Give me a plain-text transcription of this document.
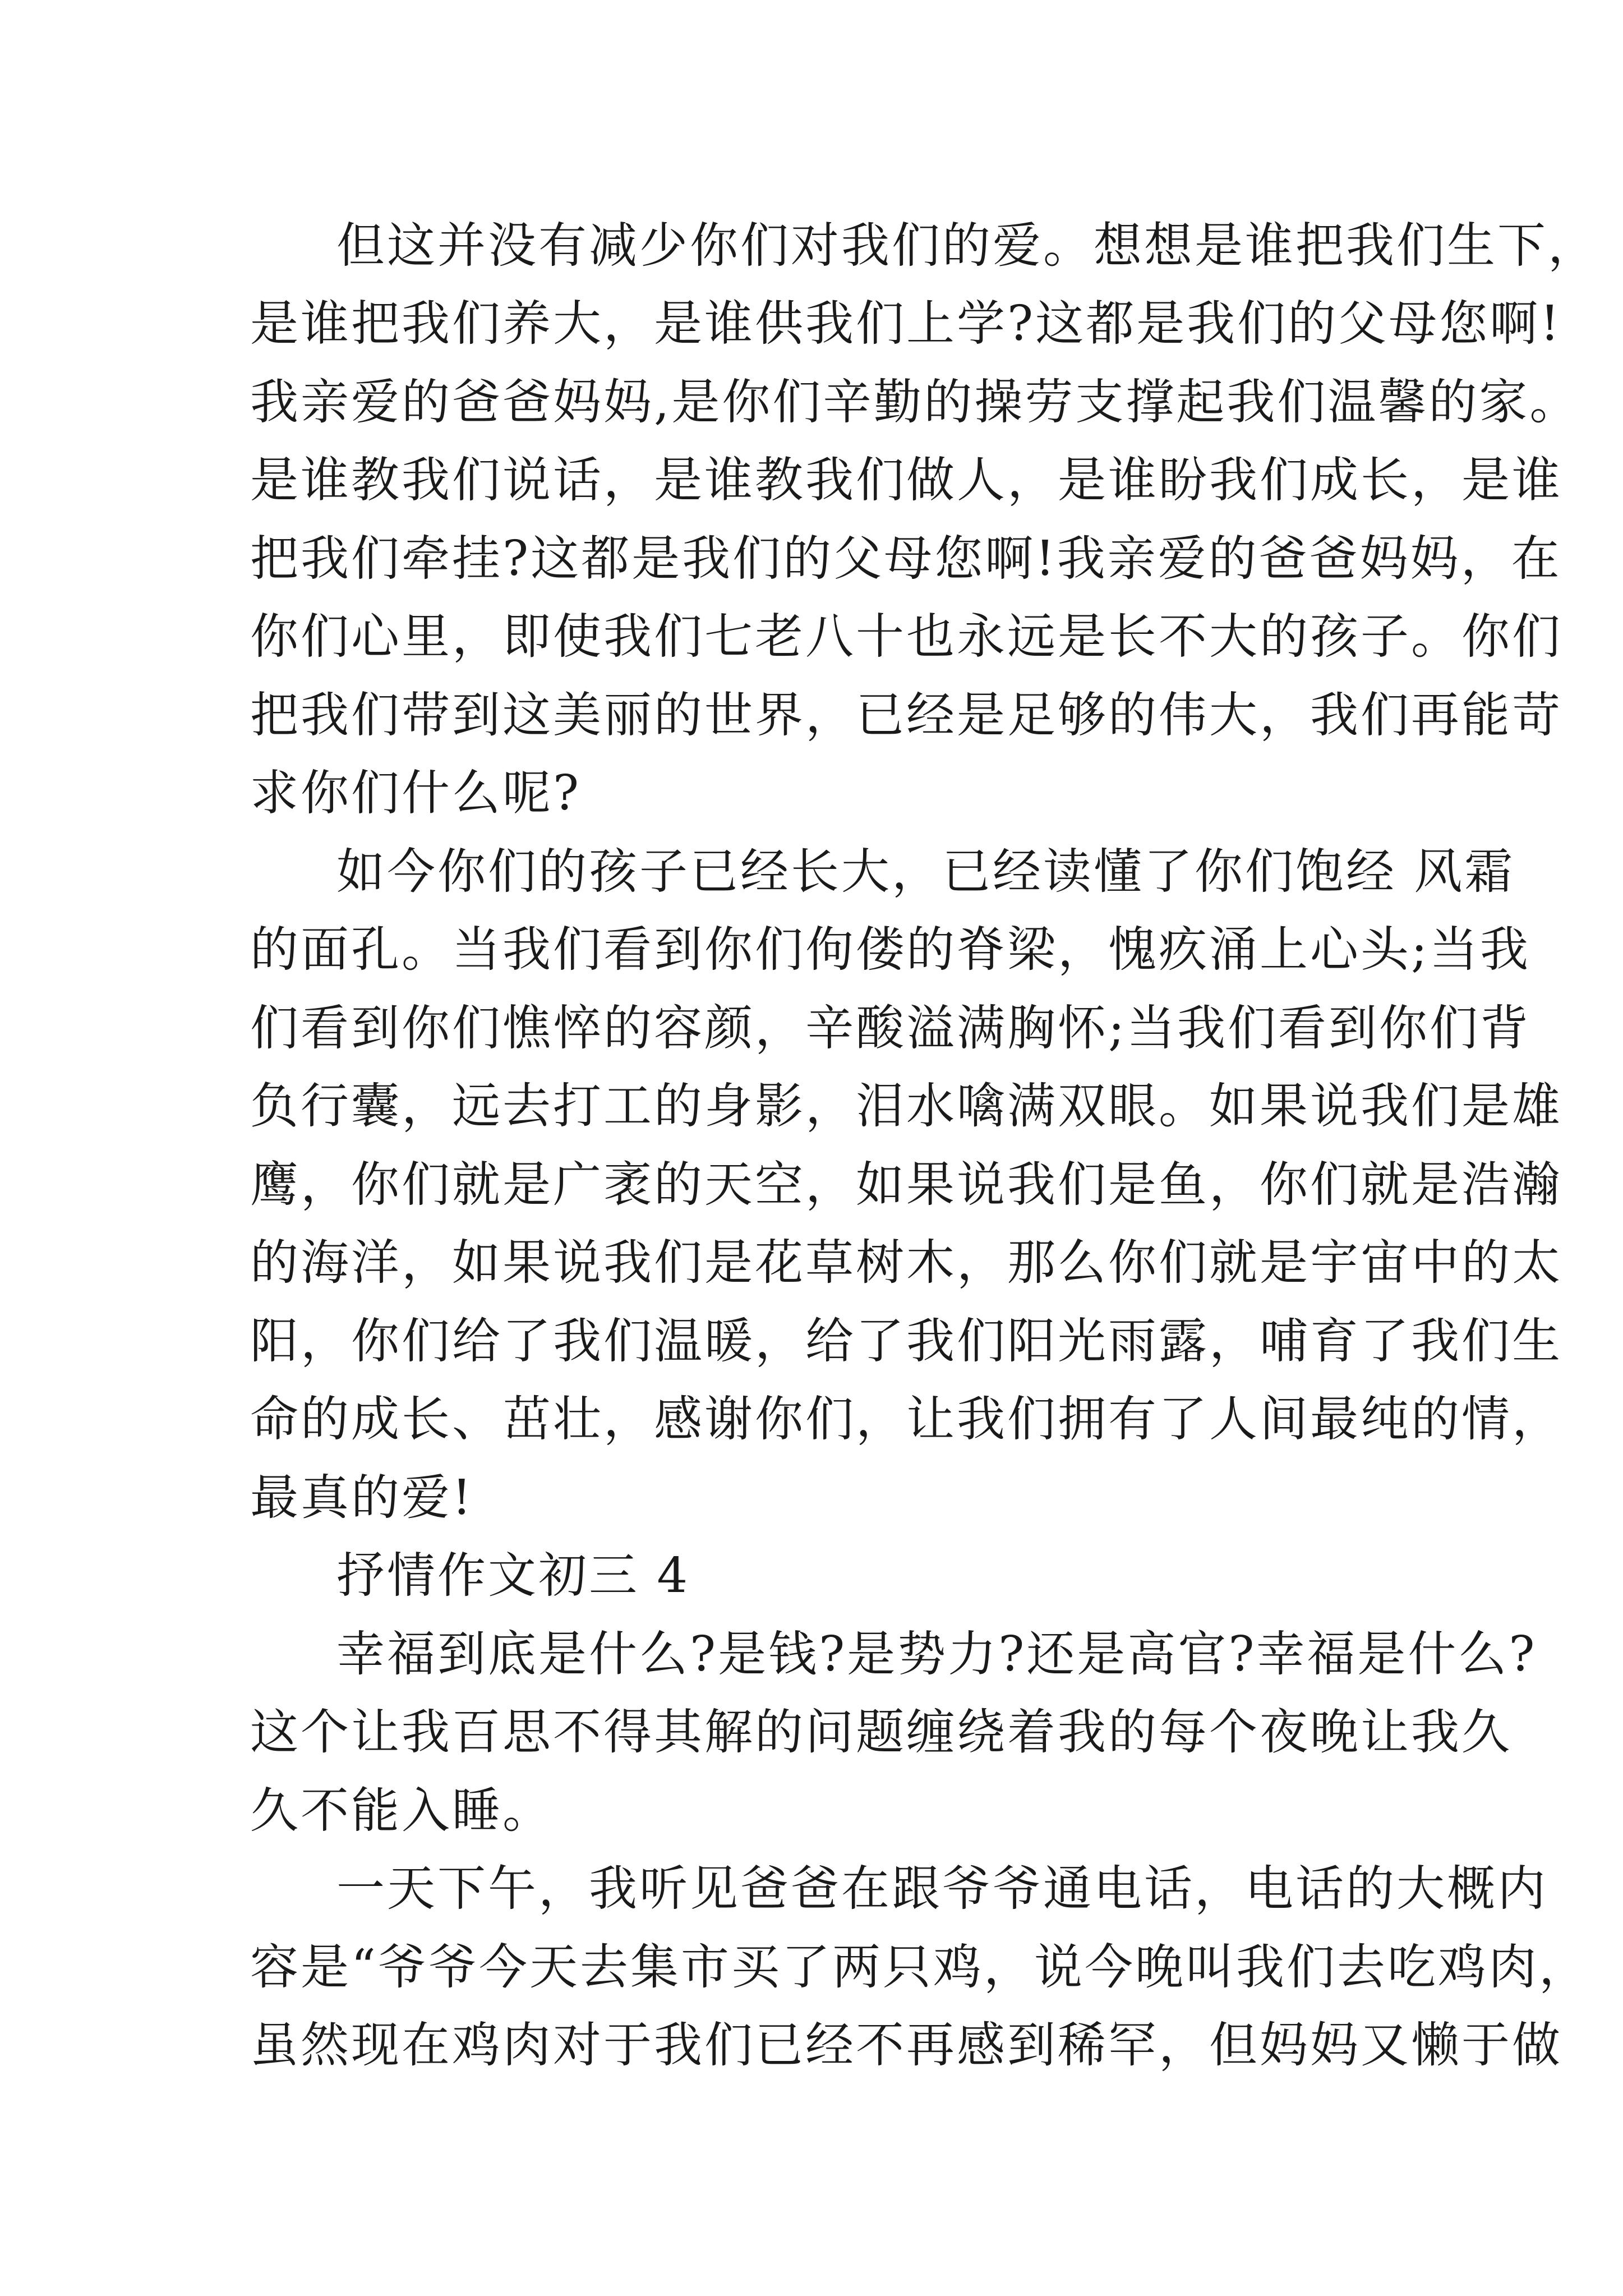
但这并没有减少你们对我们的爱。想想是谁把我们生下，
是谁把我们养大，是谁供我们上学?这都是我们的父母您啊!
我亲爱的爸爸妈妈,是你们辛勤的操劳支撑起我们温馨的家。
是谁教我们说话，是谁教我们做人，是谁盼我们成长，是谁
把我们牵挂?这都是我们的父母您啊!我亲爱的爸爸妈妈，在
你们心里，即使我们七老八十也永远是长不大的孩子。你们
把我们带到这美丽的世界，已经是足够的伟大，我们再能苛
求你们什么呢?
如今你们的孩子已经长大，已经读懂了你们饱经 风霜
的面孔。当我们看到你们佝偻的脊梁，愧疚涌上心头;当我
们看到你们憔悴的容颜，辛酸溢满胸怀;当我们看到你们背
负行囊，远去打工的身影，泪水噙满双眼。如果说我们是雄
鹰，你们就是广袤的天空，如果说我们是鱼，你们就是浩瀚
的海洋，如果说我们是花草树木，那么你们就是宇宙中的太
阳，你们给了我们温暖，给了我们阳光雨露，哺育了我们生
命的成长、茁壮，感谢你们，让我们拥有了人间最纯的情，
最真的爱!
抒情作文初三 4
幸福到底是什么?是钱?是势力?还是高官?幸福是什么?
这个让我百思不得其解的问题缠绕着我的每个夜晚让我久
久不能入睡。
一天下午，我听见爸爸在跟爷爷通电话，电话的大概内
容是“爷爷今天去集市买了两只鸡，说今晚叫我们去吃鸡肉，
虽然现在鸡肉对于我们已经不再感到稀罕，但妈妈又懒于做
